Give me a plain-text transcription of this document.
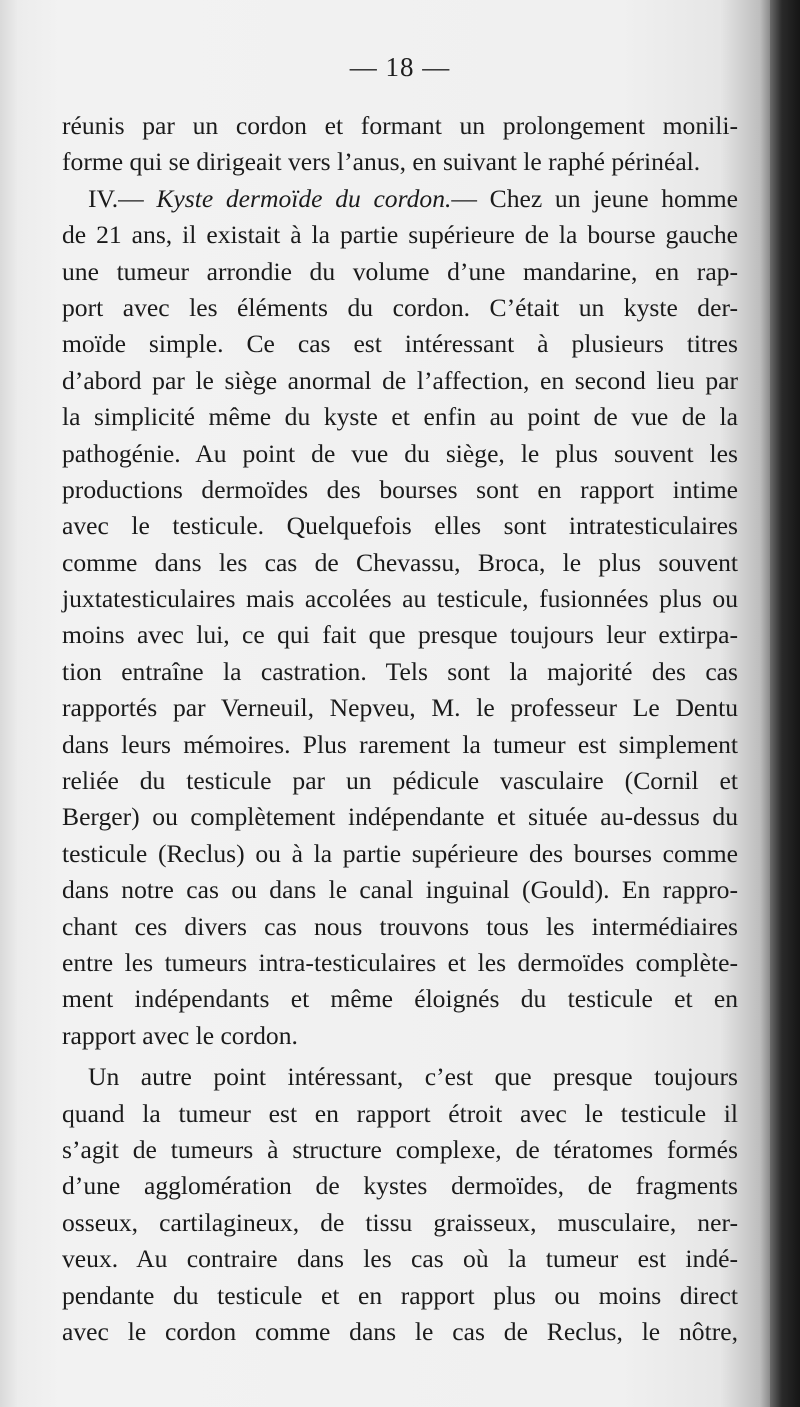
— 18 —
réunis par un cordon et formant un prolongement monili-
forme qui se dirigeait vers l’anus, en suivant le raphé périnéal.
IV.— Kyste dermoïde du cordon.— Chez un jeune homme
de 21 ans, il existait à la partie supérieure de la bourse gauche
une tumeur arrondie du volume d’une mandarine, en rap-
port avec les éléments du cordon. C’était un kyste der-
moïde simple. Ce cas est intéressant à plusieurs titres
d’abord par le siège anormal de l’affection, en second lieu par
la simplicité même du kyste et enfin au point de vue de la
pathogénie. Au point de vue du siège, le plus souvent les
productions dermoïdes des bourses sont en rapport intime
avec le testicule. Quelquefois elles sont intratesticulaires
comme dans les cas de Chevassu, Broca, le plus souvent
juxtatesticulaires mais accolées au testicule, fusionnées plus ou
moins avec lui, ce qui fait que presque toujours leur extirpa-
tion entraîne la castration. Tels sont la majorité des cas
rapportés par Verneuil, Nepveu, M. le professeur Le Dentu
dans leurs mémoires. Plus rarement la tumeur est simplement
reliée du testicule par un pédicule vasculaire (Cornil et
Berger) ou complètement indépendante et située au-dessus du
testicule (Reclus) ou à la partie supérieure des bourses comme
dans notre cas ou dans le canal inguinal (Gould). En rappro-
chant ces divers cas nous trouvons tous les intermédiaires
entre les tumeurs intra-testiculaires et les dermoïdes complète-
ment indépendants et même éloignés du testicule et en
rapport avec le cordon.
Un autre point intéressant, c’est que presque toujours
quand la tumeur est en rapport étroit avec le testicule il
s’agit de tumeurs à structure complexe, de tératomes formés
d’une agglomération de kystes dermoïdes, de fragments
osseux, cartilagineux, de tissu graisseux, musculaire, ner-
veux. Au contraire dans les cas où la tumeur est indé-
pendante du testicule et en rapport plus ou moins direct
avec le cordon comme dans le cas de Reclus, le nôtre,
